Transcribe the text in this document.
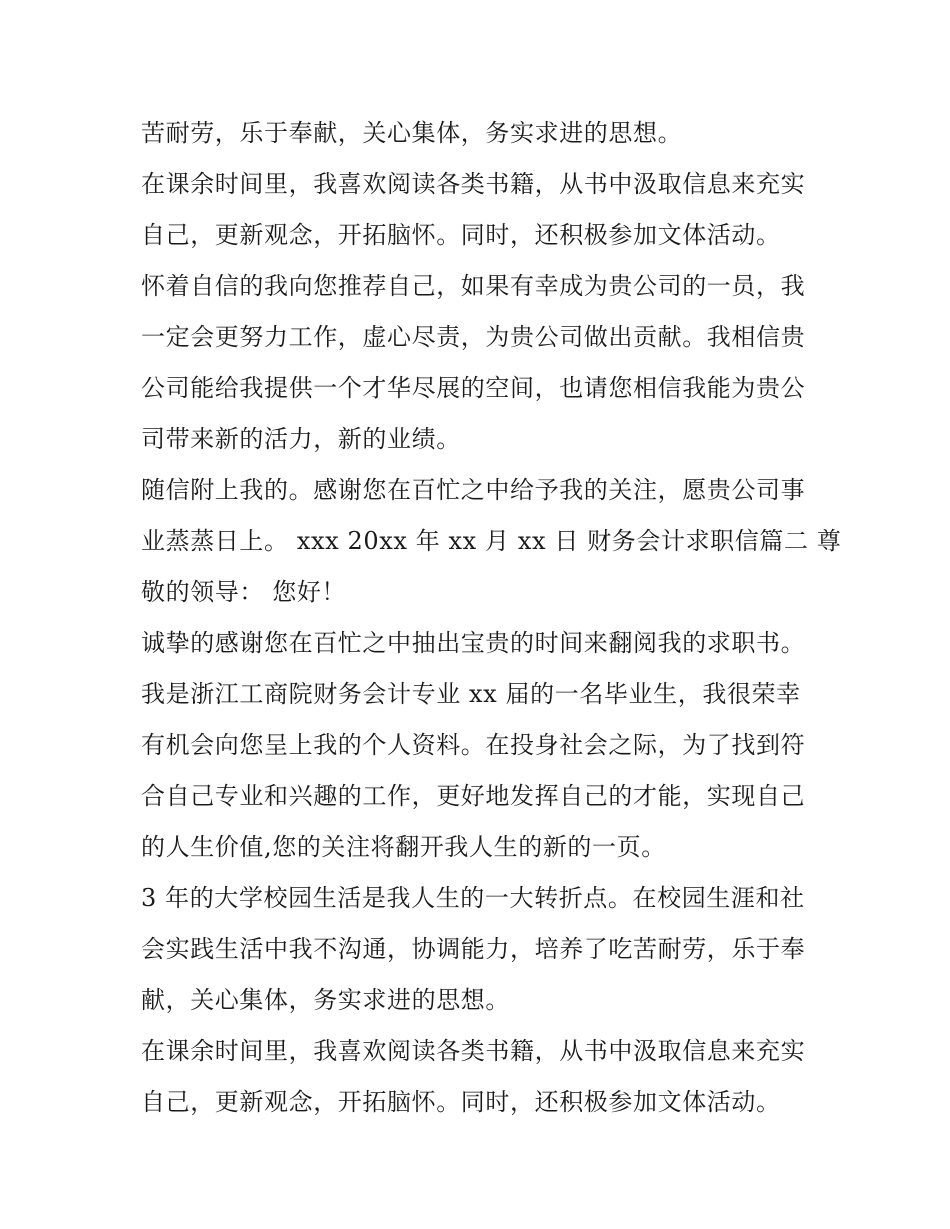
苦耐劳，乐于奉献，关心集体，务实求进的思想。
在课余时间里，我喜欢阅读各类书籍，从书中汲取信息来充实
自己，更新观念，开拓脑怀。同时，还积极参加文体活动。
怀着自信的我向您推荐自己，如果有幸成为贵公司的一员，我
一定会更努力工作，虚心尽责，为贵公司做出贡献。我相信贵
公司能给我提供一个才华尽展的空间，也请您相信我能为贵公
司带来新的活力，新的业绩。
随信附上我的。感谢您在百忙之中给予我的关注，愿贵公司事
业蒸蒸日上。 xxx 20xx 年 xx 月 xx 日 财务会计求职信篇二 尊
敬的领导： 您好！
诚挚的感谢您在百忙之中抽出宝贵的时间来翻阅我的求职书。
我是浙江工商院财务会计专业 xx 届的一名毕业生，我很荣幸
有机会向您呈上我的个人资料。在投身社会之际，为了找到符
合自己专业和兴趣的工作，更好地发挥自己的才能，实现自己
的人生价值,您的关注将翻开我人生的新的一页。
3 年的大学校园生活是我人生的一大转折点。在校园生涯和社
会实践生活中我不沟通，协调能力，培养了吃苦耐劳，乐于奉
献，关心集体，务实求进的思想。
在课余时间里，我喜欢阅读各类书籍，从书中汲取信息来充实
自己，更新观念，开拓脑怀。同时，还积极参加文体活动。
